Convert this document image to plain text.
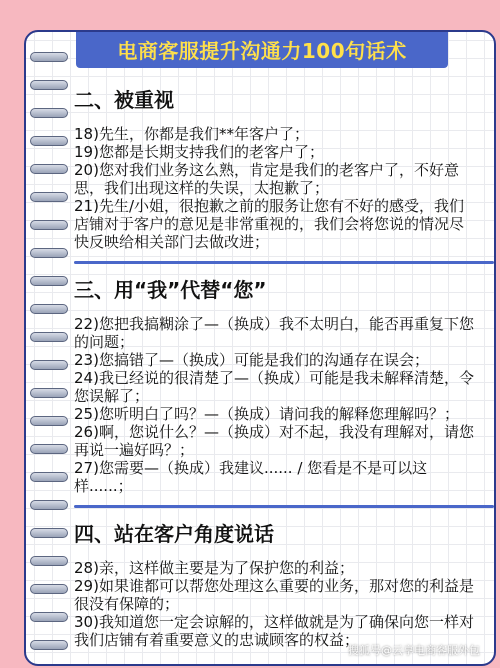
电商客服提升沟通力100句话术
二、被重视

18)先生，你都是我们**年客户了；

19)您都是长期支持我们的老客户了；

20)您对我们业务这么熟，肯定是我们的老客户了，不好意思，我们出现这样的失误，太抱歉了；

21)先生/小姐，很抱歉之前的服务让您有不好的感受，我们店铺对于客户的意见是非常重视的，我们会将您说的情况尽快反映给相关部门去做改进；

三、用“我”代替“您”

22)您把我搞糊涂了—（换成）我不太明白，能否再重复下您的问题；

23)您搞错了—（换成）可能是我们的沟通存在误会；

24)我已经说的很清楚了—（换成）可能是我未解释清楚，令您误解了；

25)您听明白了吗？—（换成）请问我的解释您理解吗？；

26)啊，您说什么？—（换成）对不起，我没有理解对，请您再说一遍好吗？；

27)您需要—（换成）我建议...... / 您看是不是可以这样......；

四、站在客户角度说话

28)亲，这样做主要是为了保护您的利益；

29)如果谁都可以帮您处理这么重要的业务，那对您的利益是很没有保障的；

30)我知道您一定会谅解的，这样做就是为了确保向您一样对我们店铺有着重要意义的忠诚顾客的权益；

搜狐号@云享电商客服外包
